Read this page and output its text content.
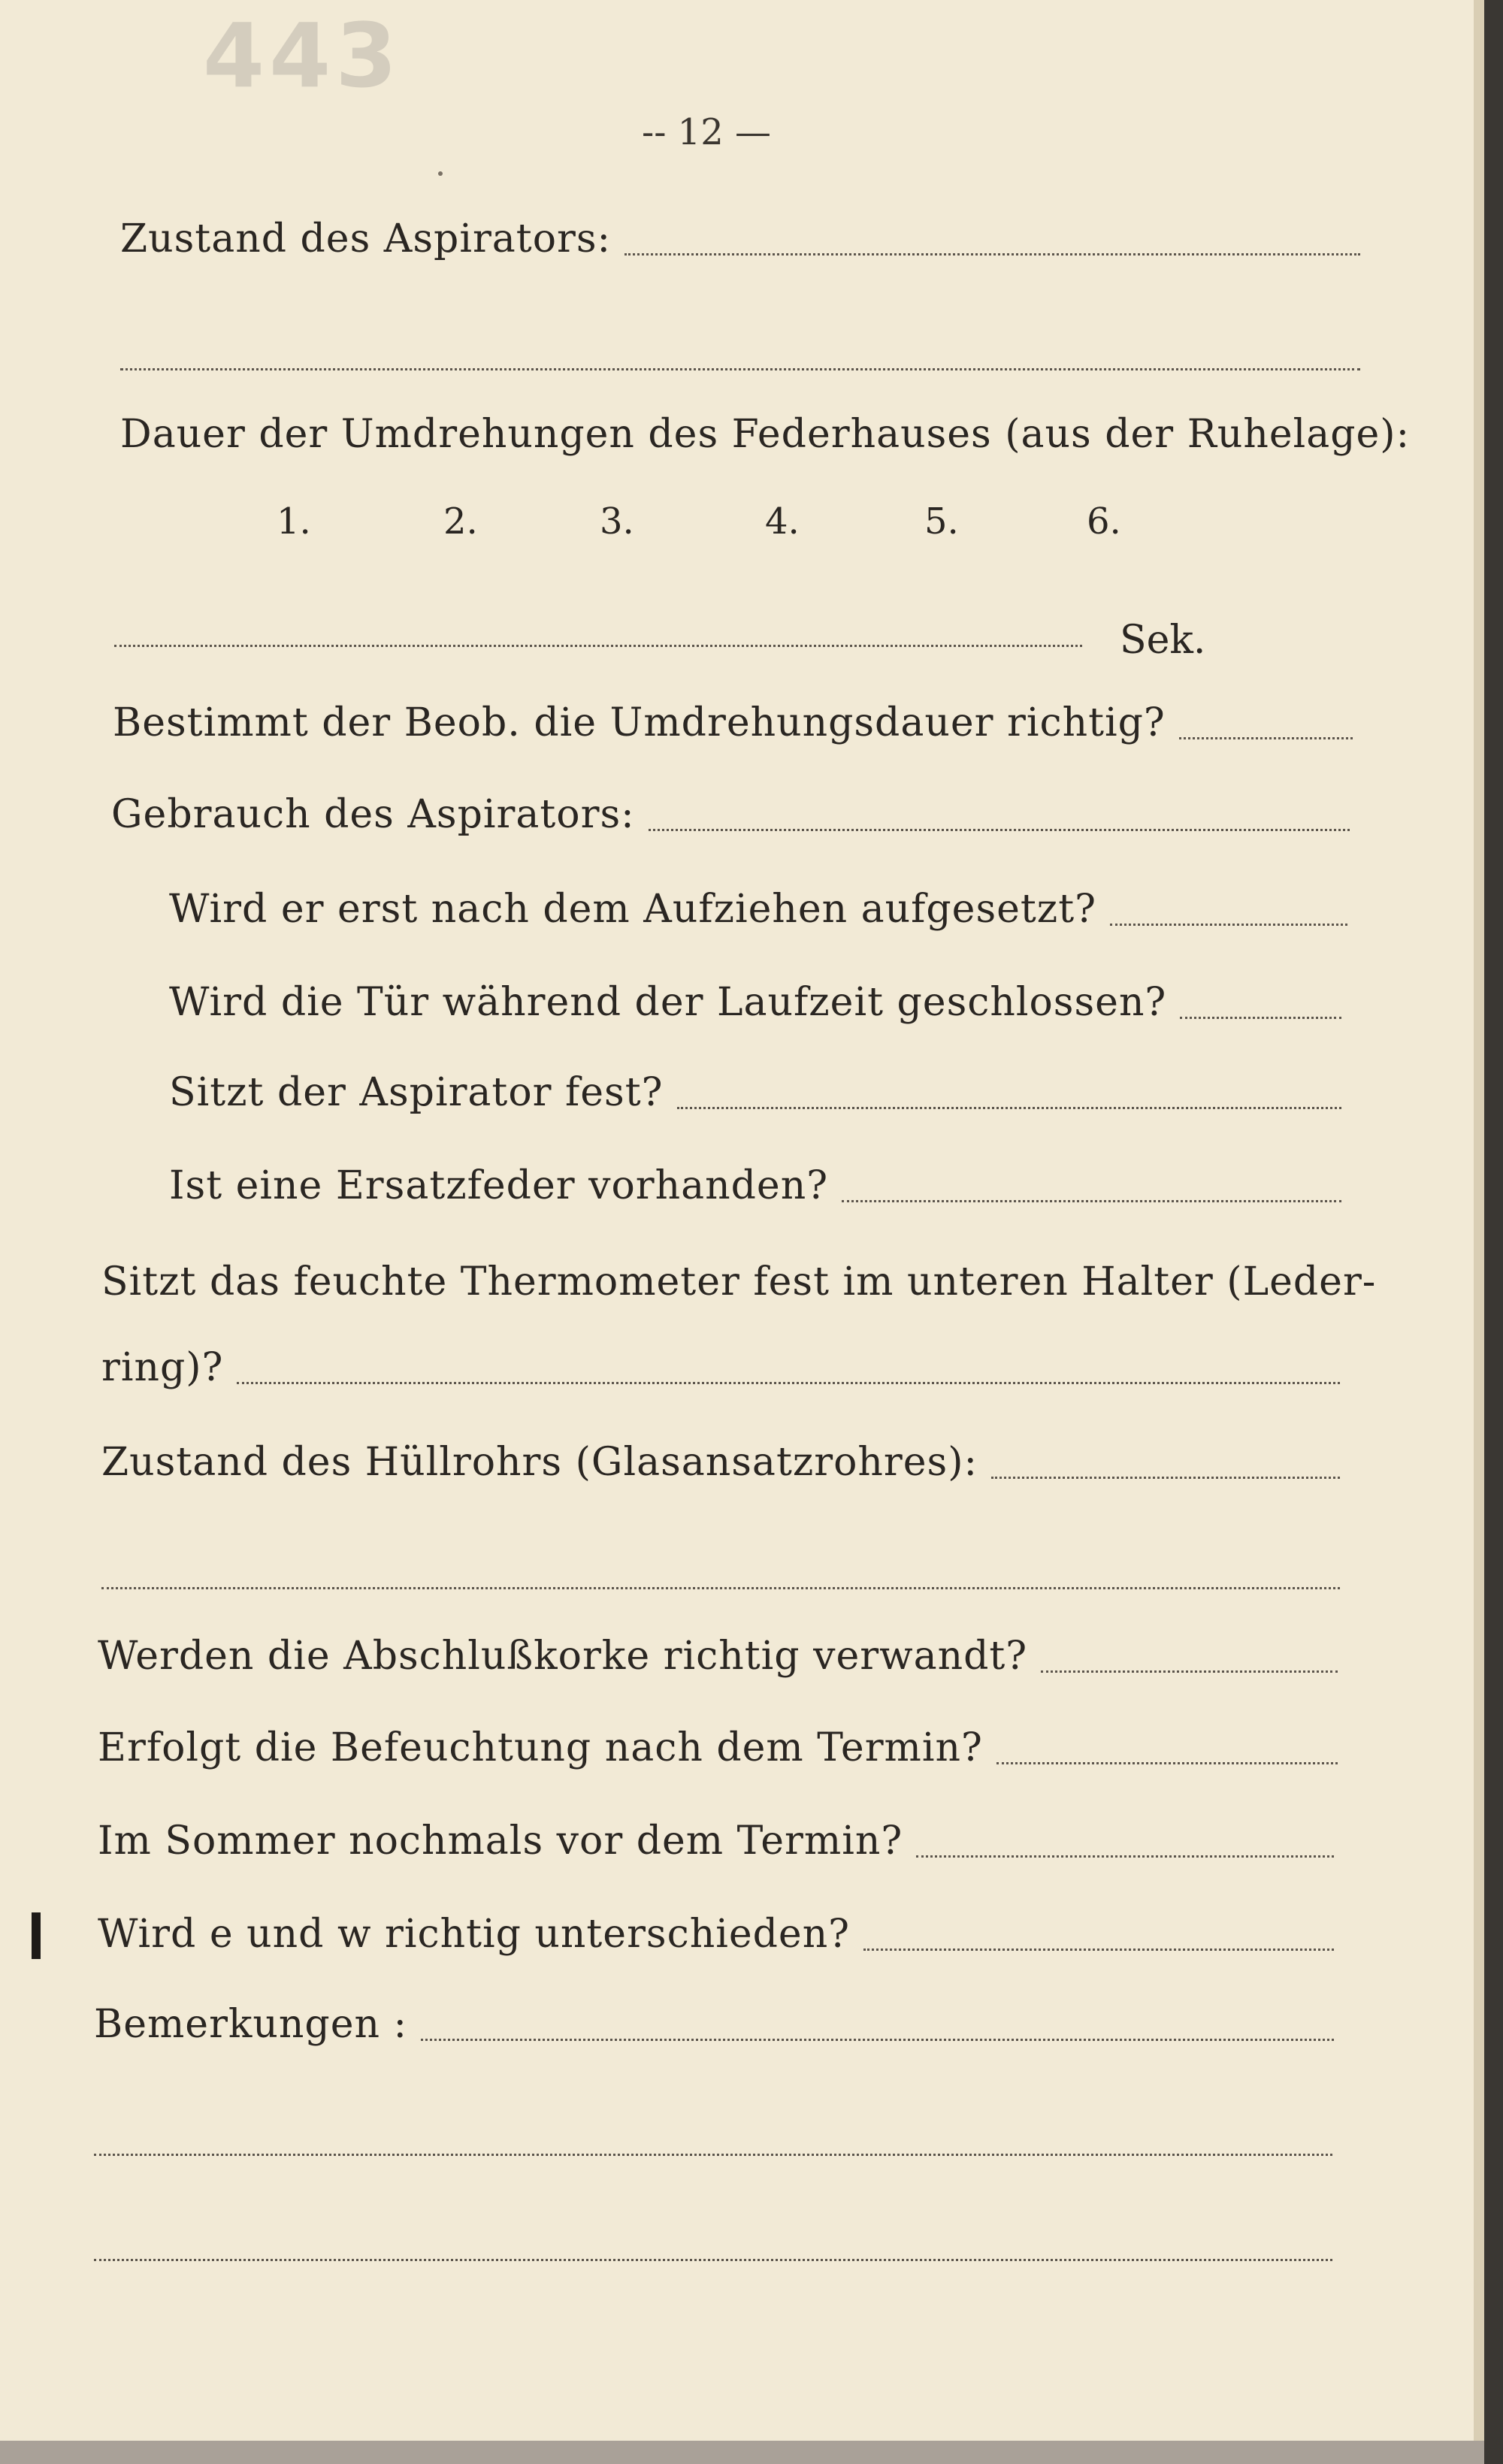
443
-- 12 —
Zustand des Aspirators:
Dauer der Umdrehungen des Federhauses (aus der Ruhelage):
1.	2.	3.	4.	5.	6.
Sek.
Bestimmt der Beob. die Umdrehungsdauer richtig?
Gebrauch des Aspirators:
Wird er erst nach dem Aufziehen aufgesetzt?
Wird die Tür während der Laufzeit geschlossen?
Sitzt der Aspirator fest?
Ist eine Ersatzfeder vorhanden?
Sitzt das feuchte Thermometer fest im unteren Halter (Leder-
ring)?
Zustand des Hüllrohrs (Glasansatzrohres):
Werden die Abschlußkorke richtig verwandt?
Erfolgt die Befeuchtung nach dem Termin?
Im Sommer nochmals vor dem Termin?
Wird e und w richtig unterschieden?
Bemerkungen :
